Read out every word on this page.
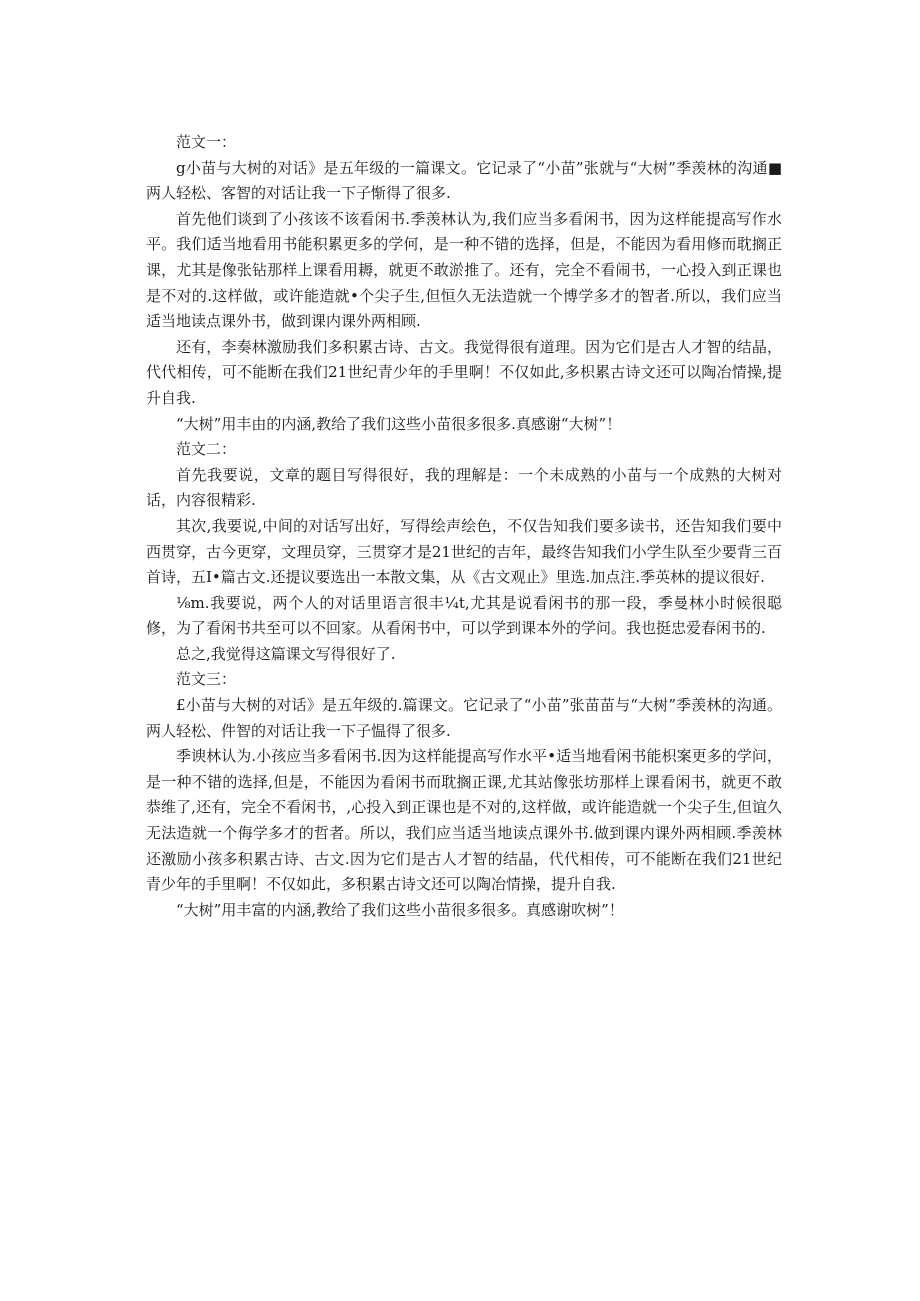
范文一：

g小苗与大树的对话》是五年级的一篇课文。它记录了“小苗”张就与“大树”季羡林的沟通■两人轻松、客智的对话让我一下子惭得了很多.

首先他们谈到了小孩该不该看闲书.季羡林认为,我们应当多看闲书，因为这样能提高写作水平。我们适当地看用书能积累更多的学何，是一种不错的选择，但是，不能因为看用修而耽搁正课，尤其是像张钻那样上课看用耨，就更不敢淤推了。还有，完全不看闹书，一心投入到正课也是不对的.这样做，或许能造就•个尖子生,但恒久无法造就一个博学多才的智者.所以，我们应当适当地读点课外书，做到课内课外两相顾.

还有，李奏林激励我们多积累古诗、古文。我觉得很有道理。因为它们是古人才智的结晶，代代相传，可不能断在我们21世纪青少年的手里啊！不仅如此,多枳累古诗文还可以陶冶情操,提升自我.

“大树”用丰由的内涵,教给了我们这些小苗很多很多.真感谢“大树”！

范文二：

首先我要说，文章的题目写得很好，我的理解是：一个未成熟的小苗与一个成熟的大树对话，内容很精彩.

其次,我要说,中间的对话写出好，写得绘声绘色，不仅告知我们要多读书，还告知我们要中西贯穿，古今更穿，文理员穿，三贯穿才是21世纪的吉年，最终告知我们小学生队至少要背三百首诗，五I•篇古文.还提议要选出一本散文集，从《古文观止》里选.加点注.季英林的提议很好.

⅛m.我要说，两个人的对话里语言很丰¼t,尤其是说看闲书的那一段，季曼林小时候很聪修，为了看闲书共至可以不回家。从看闲书中，可以学到课本外的学问。我也挺忠爱春闲书的.

总之,我觉得这篇课文写得很好了.

范文三：

£小苗与大树的对话》是五年级的.篇课文。它记录了“小苗”张苗苗与“大树”季羡林的沟通。两人轻松、件智的对话让我一下子愠得了很多.

季谀林认为.小孩应当多看闲书.因为这样能提高写作水平•适当地看闲书能枳案更多的学问，是一种不错的选择,但是，不能因为看闲书而耽搁正课,尤其站像张坊那样上课看闲书，就更不敢恭维了,还有，完全不看闲书，,心投入到正课也是不对的,这样做，或许能造就一个尖子生,但谊久无法造就一个侮学多才的哲者。所以，我们应当适当地读点课外书.做到课内课外两相顾.季羡林还激励小孩多积累古诗、古文.因为它们是古人才智的结晶，代代相传，可不能断在我们21世纪青少年的手里啊！不仅如此，多积累古诗文还可以陶冶情操，提升自我.

“大树”用丰富的内涵,教给了我们这些小苗很多很多。真感谢吹树”！
